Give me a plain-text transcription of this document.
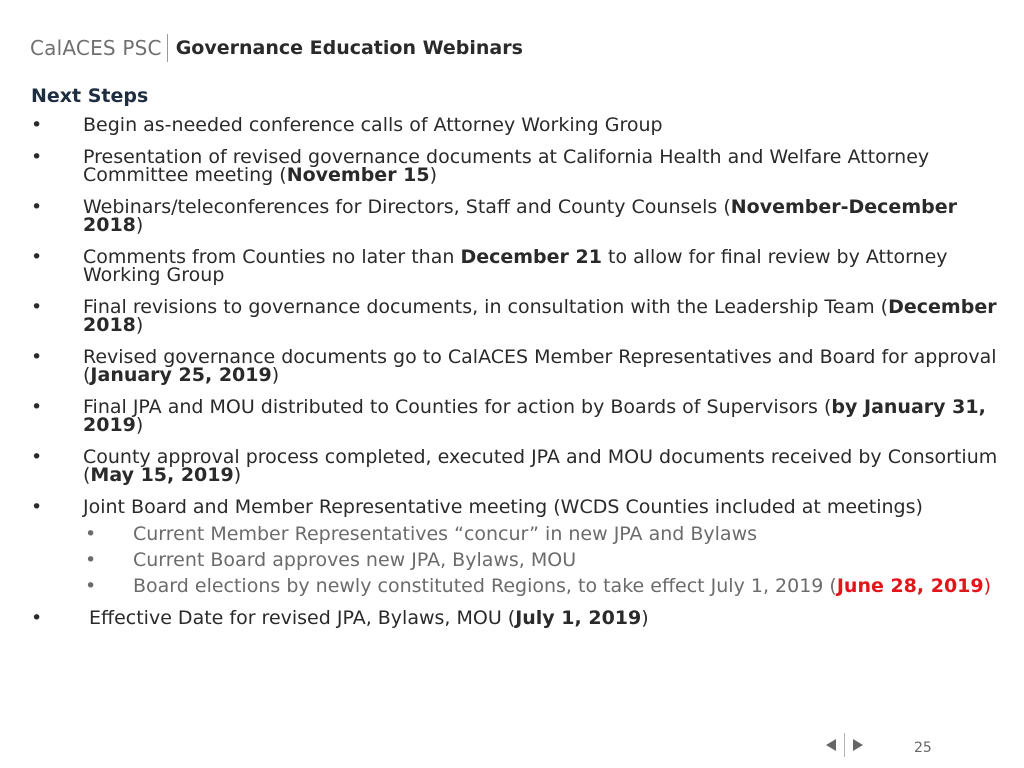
CalACES PSC Governance Education Webinars
Next Steps
• Begin as-needed conference calls of Attorney Working Group
• Presentation of revised governance documents at California Health and Welfare Attorney Committee meeting (November 15)
• Webinars/teleconferences for Directors, Staff and County Counsels (November-December 2018)
• Comments from Counties no later than December 21 to allow for final review by Attorney Working Group
• Final revisions to governance documents, in consultation with the Leadership Team (December 2018)
• Revised governance documents go to CalACES Member Representatives and Board for approval (January 25, 2019)
• Final JPA and MOU distributed to Counties for action by Boards of Supervisors (by January 31, 2019)
• County approval process completed, executed JPA and MOU documents received by Consortium (May 15, 2019)
• Joint Board and Member Representative meeting (WCDS Counties included at meetings)
• Current Member Representatives “concur” in new JPA and Bylaws
• Current Board approves new JPA, Bylaws, MOU
• Board elections by newly constituted Regions, to take effect July 1, 2019 (June 28, 2019)
• Effective Date for revised JPA, Bylaws, MOU (July 1, 2019)
25
